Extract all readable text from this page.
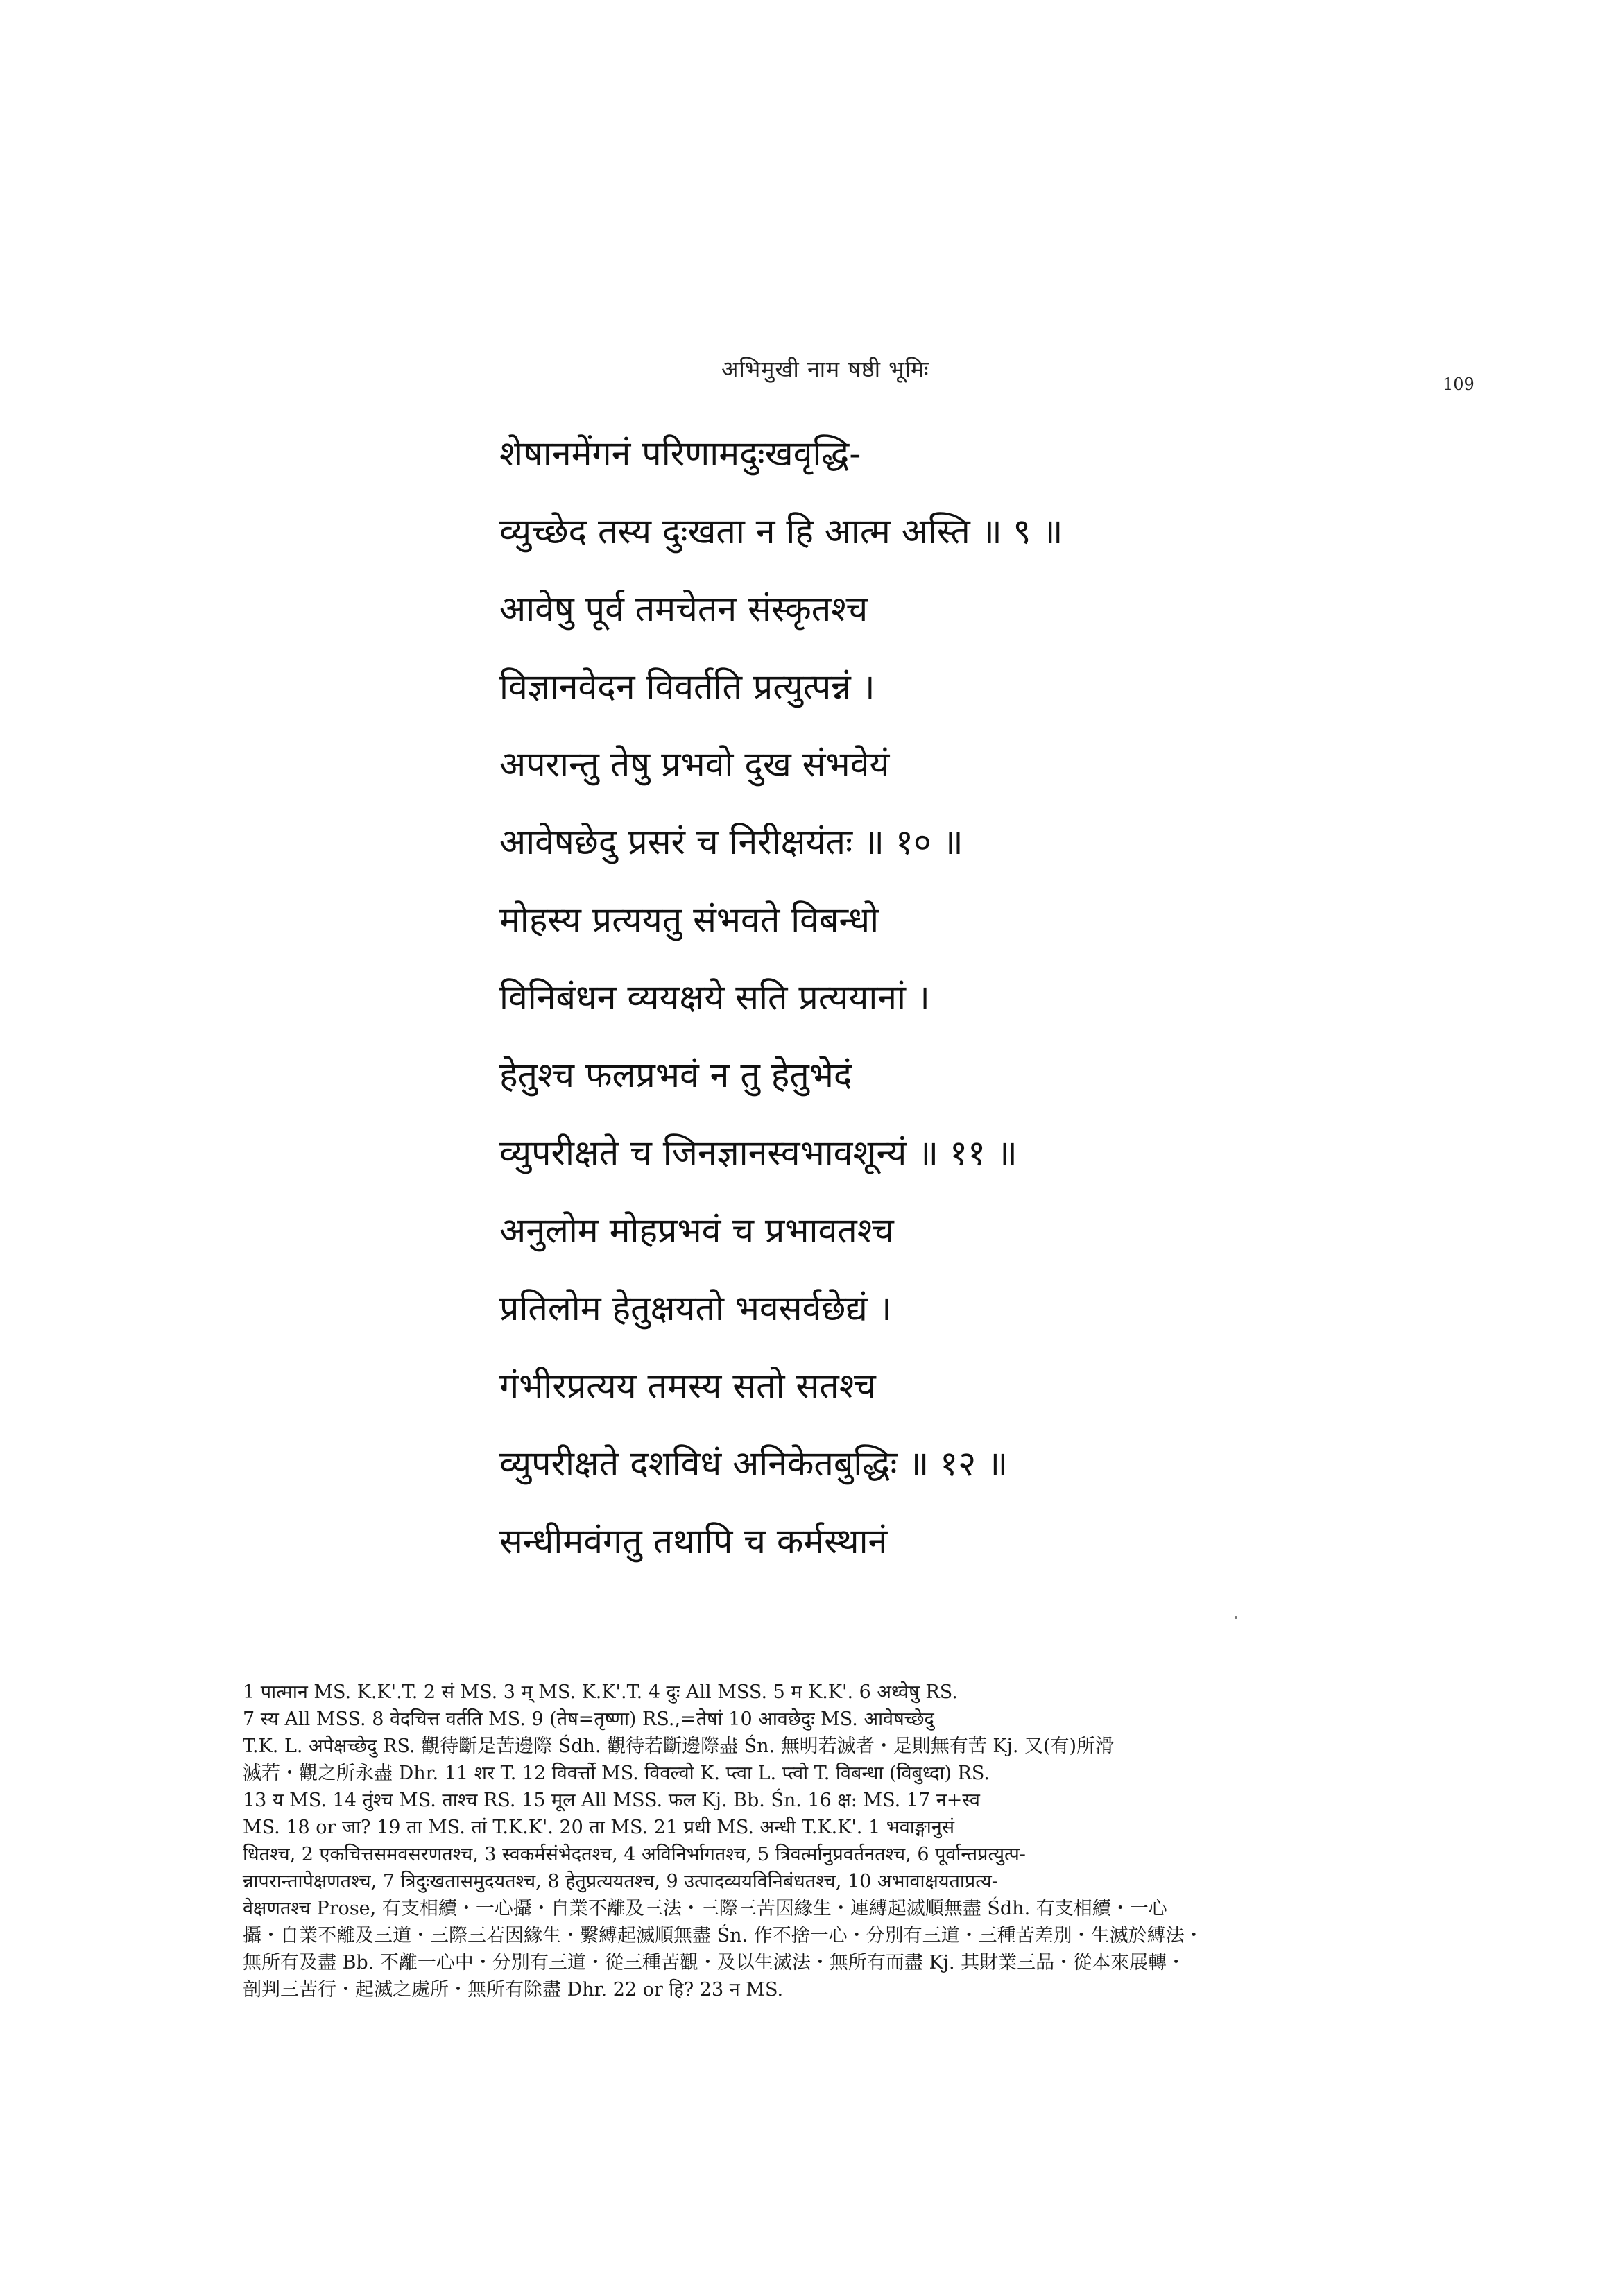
अभिमुखी नाम षष्ठी भूमिः
109
शेषानमेंगनं परिणामदुःखवृद्धि-
व्युच्छेद तस्य दुःखता न हि आत्म अस्ति ॥ ९ ॥
आवेषु पूर्व तमचेतन संस्कृतश्च
विज्ञानवेदन विवर्तति प्रत्युत्पन्नं ।
अपरान्तु तेषु प्रभवो दुख संभवेयं
आवेषछेदु प्रसरं च निरीक्षयंतः ॥ १० ॥
मोहस्य प्रत्ययतु संभवते विबन्धो
विनिबंधन व्ययक्षये सति प्रत्ययानां ।
हेतुश्च फलप्रभवं न तु हेतुभेदं
व्युपरीक्षते च जिनज्ञानस्वभावशून्यं ॥ ११ ॥
अनुलोम मोहप्रभवं च प्रभावतश्च
प्रतिलोम हेतुक्षयतो भवसर्वछेद्यं ।
गंभीरप्रत्यय तमस्य सतो सतश्च
व्युपरीक्षते दशविधं अनिकेतबुद्धिः ॥ १२ ॥
सन्धीमवंगतु तथापि च कर्मस्थानं

1 पात्मान MS. K.K'.T. 2 सं MS. 3 म् MS. K.K'.T. 4 दुः All MSS. 5 म K.K'. 6 अध्वेषु RS.

7 स्य All MSS. 8 वेदचित्त वर्तति MS. 9 (तेष=तृष्णा) RS.,=तेषां 10 आवछेदुः MS. आवेषच्छेदु

T.K. L. अपेक्षच्छेदु RS. 觀待斷是苦邊際 Śdh. 觀待若斷邊際盡 Śn. 無明若滅者・是則無有苦 Kj. 又(有)所滑

滅若・觀之所永盡 Dhr. 11 शर T. 12 विवर्त्तो MS. विवल्वो K. प्त्वा L. प्त्वो T. विबन्धा (विबुध्दा) RS.

13 य MS. 14 तुंश्च MS. ताश्च RS. 15 मूल All MSS. फल Kj. Bb. Śn. 16 क्ष: MS. 17 न+स्व

MS. 18 or जा? 19 ता MS. तां T.K.K'. 20 ता MS. 21 प्रधी MS. अन्धी T.K.K'. 1 भवाङ्गानुसं

धितश्च, 2 एकचित्तसमवसरणतश्च, 3 स्वकर्मसंभेदतश्च, 4 अविनिर्भागतश्च, 5 त्रिवर्त्मानुप्रवर्तनतश्च, 6 पूर्वान्तप्रत्युत्प-

न्नापरान्तापेक्षणतश्च, 7 त्रिदुःखतासमुदयतश्च, 8 हेतुप्रत्ययतश्च, 9 उत्पादव्ययविनिबंधतश्च, 10 अभावाक्षयताप्रत्य-

वेक्षणतश्च Prose, 有支相續・一心攝・自業不離及三法・三際三苦因緣生・連縛起滅順無盡 Śdh. 有支相續・一心

攝・自業不離及三道・三際三若因緣生・繫縛起滅順無盡 Śn. 作不捨一心・分別有三道・三種苦差別・生滅於縛法・

無所有及盡 Bb. 不離一心中・分別有三道・從三種苦觀・及以生滅法・無所有而盡 Kj. 其財業三品・從本來展轉・

剖判三苦行・起滅之處所・無所有除盡 Dhr. 22 or हि? 23 न MS.
